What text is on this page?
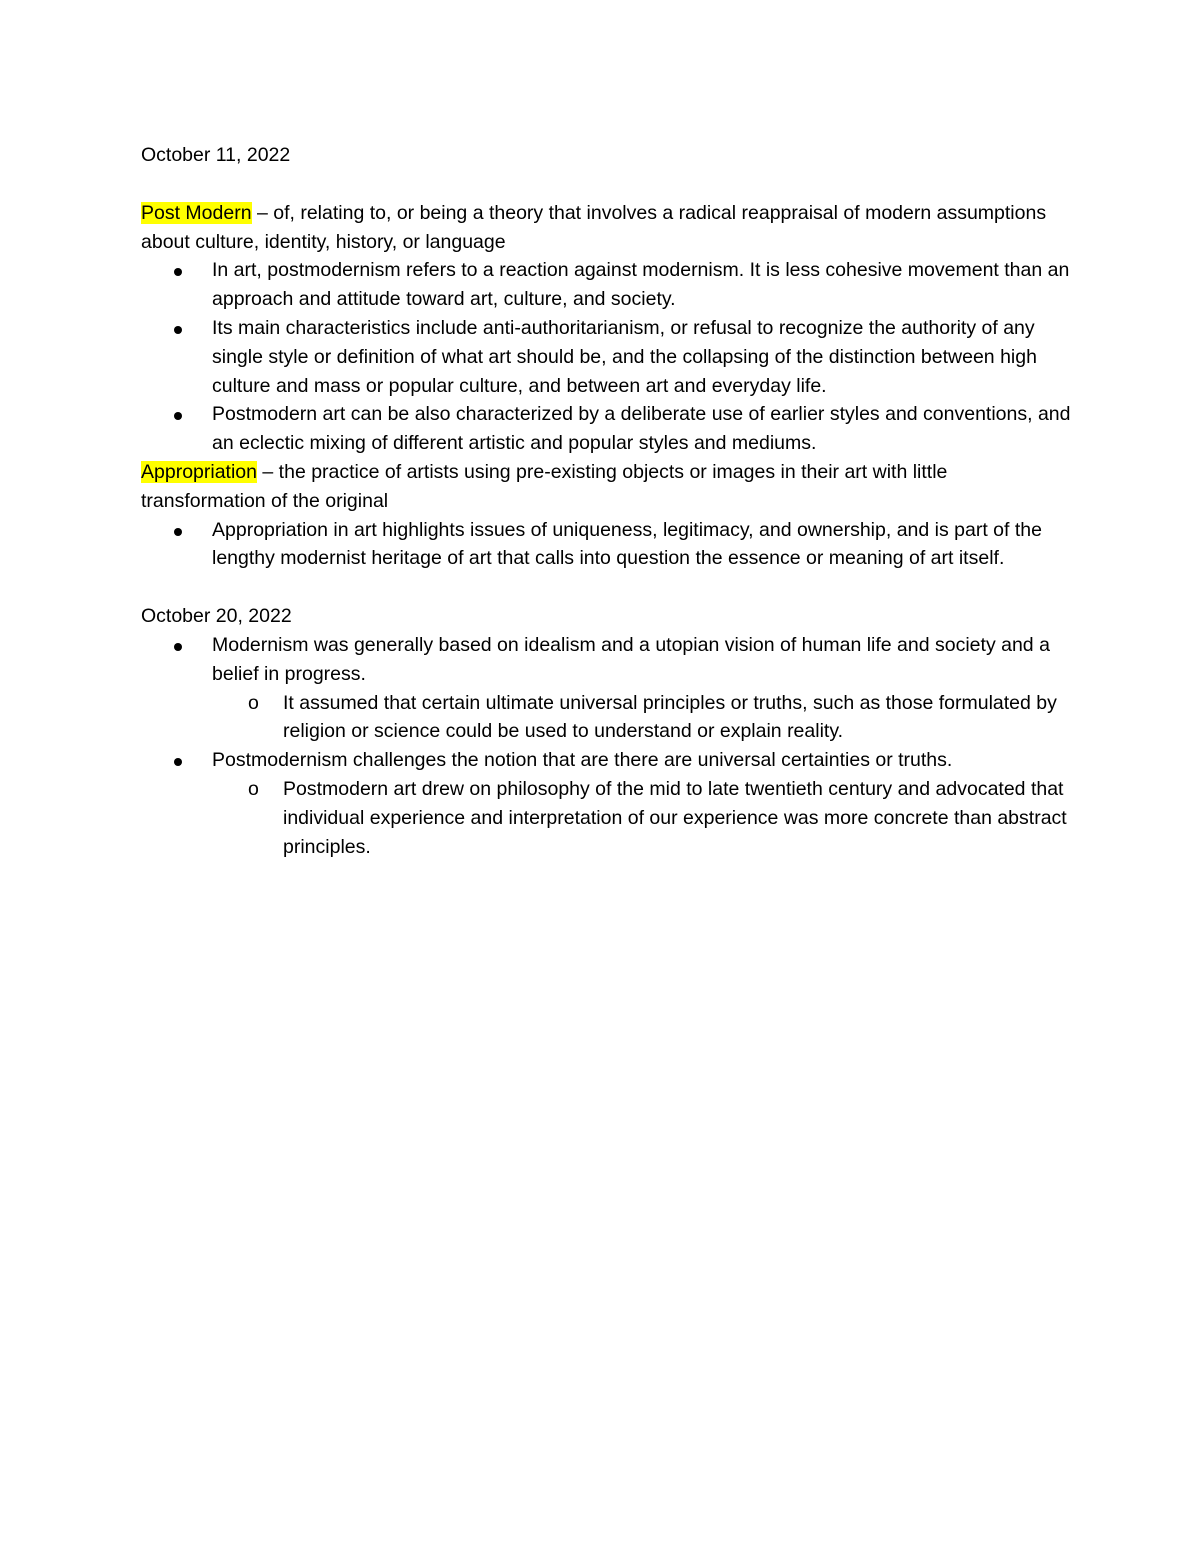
October 11, 2022

Post Modern – of, relating to, or being a theory that involves a radical reappraisal of modern assumptions about culture, identity, history, or language

In art, postmodernism refers to a reaction against modernism. It is less cohesive movement than an approach and attitude toward art, culture, and society.
Its main characteristics include anti-authoritarianism, or refusal to recognize the authority of any single style or definition of what art should be, and the collapsing of the distinction between high culture and mass or popular culture, and between art and everyday life.
Postmodern art can be also characterized by a deliberate use of earlier styles and conventions, and an eclectic mixing of different artistic and popular styles and mediums.

Appropriation – the practice of artists using pre-existing objects or images in their art with little transformation of the original

Appropriation in art highlights issues of uniqueness, legitimacy, and ownership, and is part of the lengthy modernist heritage of art that calls into question the essence or meaning of art itself.

October 20, 2022

Modernism was generally based on idealism and a utopian vision of human life and society and a belief in progress.
o It assumed that certain ultimate universal principles or truths, such as those formulated by religion or science could be used to understand or explain reality.
Postmodernism challenges the notion that are there are universal certainties or truths.
o Postmodern art drew on philosophy of the mid to late twentieth century and advocated that individual experience and interpretation of our experience was more concrete than abstract principles.
